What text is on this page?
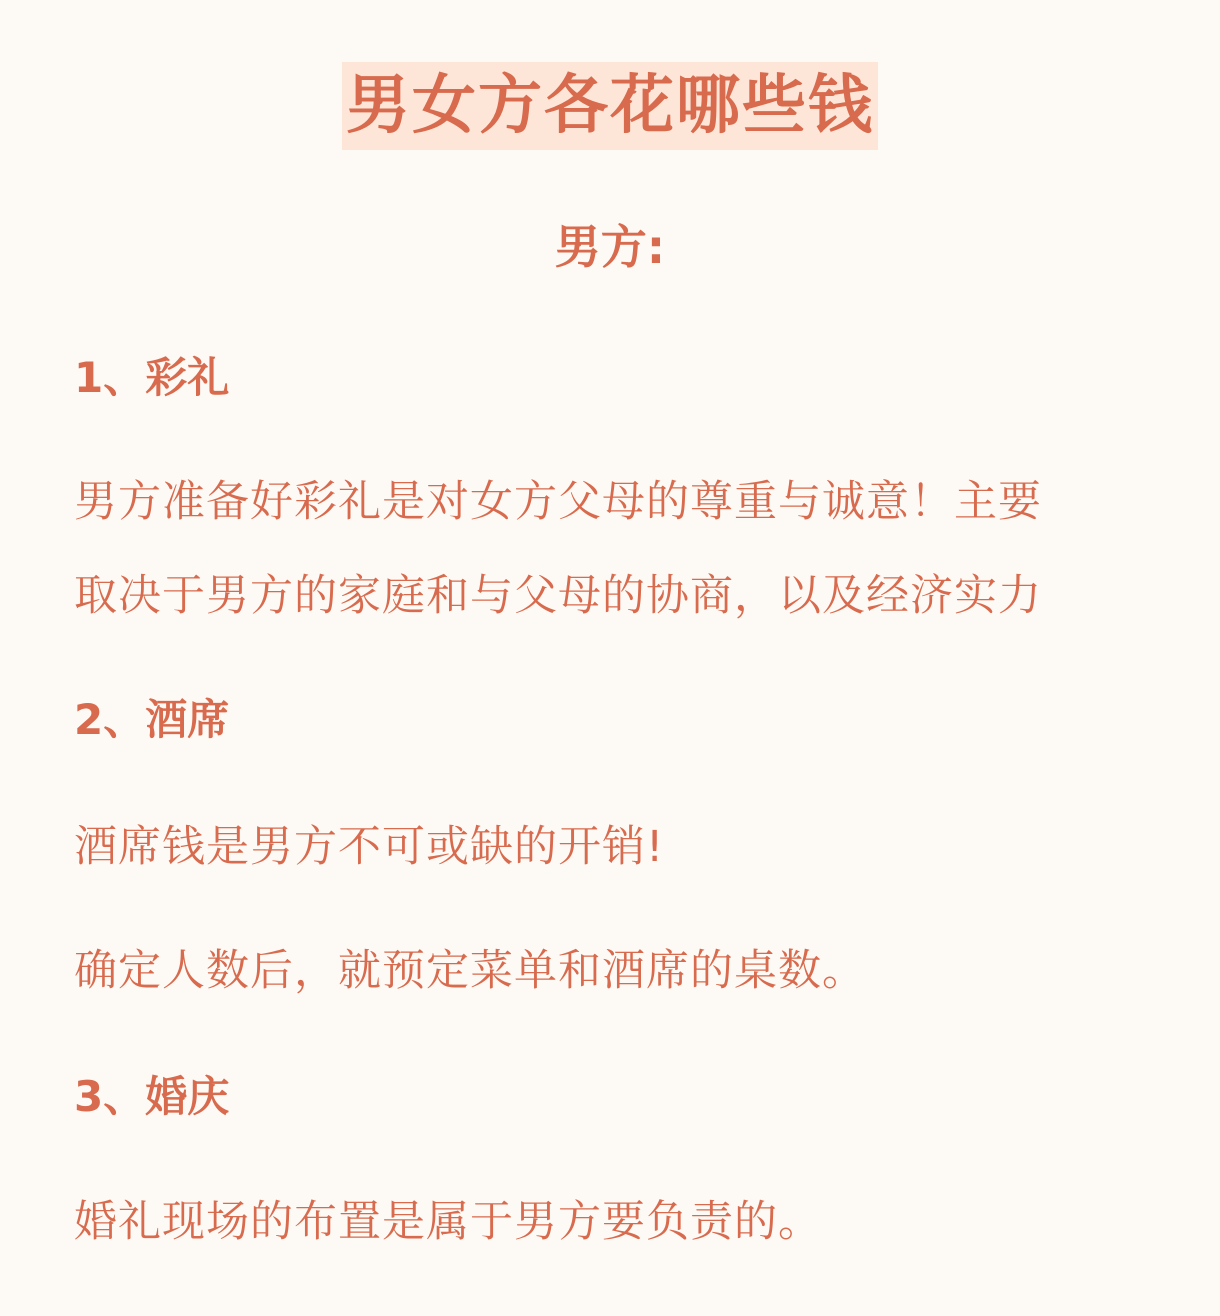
男女方各花哪些钱
男方:
1、彩礼
男方准备好彩礼是对女方父母的尊重与诚意！主要
取决于男方的家庭和与父母的协商，以及经济实力
2、酒席
酒席钱是男方不可或缺的开销!
确定人数后，就预定菜单和酒席的桌数。
3、婚庆
婚礼现场的布置是属于男方要负责的。
